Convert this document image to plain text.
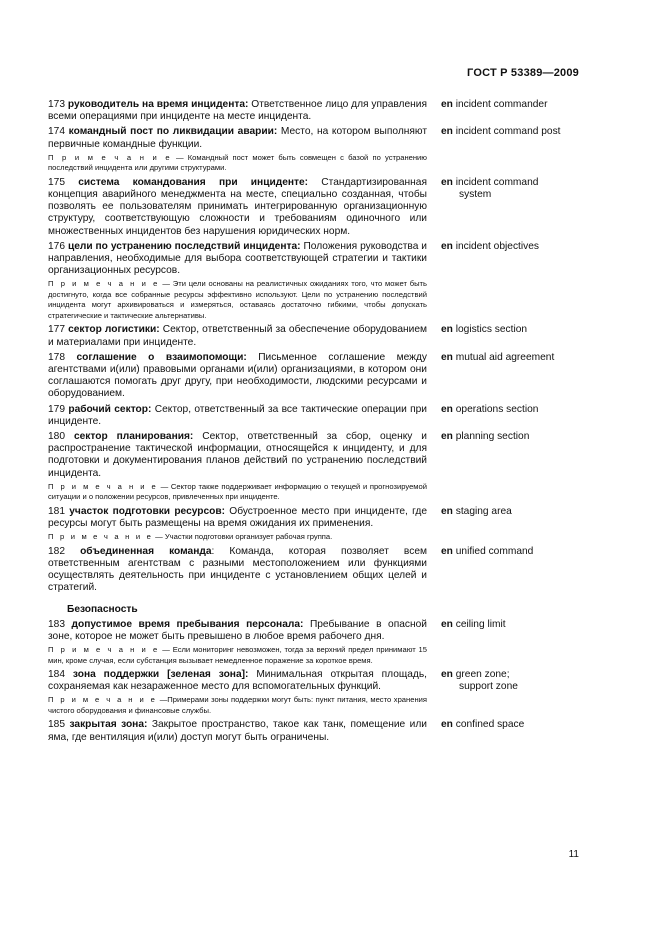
ГОСТ Р 53389—2009
173 руководитель на время инцидента: Ответственное лицо для управления всеми операциями при инциденте на месте инцидента.
en incident commander
174 командный пост по ликвидации аварии: Место, на котором выполняют первичные командные функции.
en incident command post
П р и м е ч а н и е — Командный пост может быть совмещен с базой по устранению последствий инцидента или другими структурами.
175 система командования при инциденте: Стандартизированная концепция аварийного менеджмента на месте, специально созданная, чтобы позволять ее пользователям принимать интегрированную организационную структуру, соответствующую сложности и требованиям одиночного или множественных инцидентов без нарушения юридических норм.
en incident command
system
176 цели по устранению последствий инцидента: Положения руководства и направления, необходимые для выбора соответствующей стратегии и тактики организационных ресурсов.
en incident objectives
П р и м е ч а н и е — Эти цели основаны на реалистичных ожиданиях того, что может быть достигнуто, когда все собранные ресурсы эффективно используют. Цели по устранению последствий инцидента могут архивироваться и измеряться, оставаясь достаточно гибкими, чтобы допускать стратегические и тактические альтернативы.
177 сектор логистики: Сектор, ответственный за обеспечение оборудованием и материалами при инциденте.
en logistics section
178 соглашение о взаимопомощи: Письменное соглашение между агентствами и(или) правовыми органами и(или) организациями, в котором они соглашаются помогать друг другу, при необходимости, людскими ресурсами и оборудованием.
en mutual aid agreement
179 рабочий сектор: Сектор, ответственный за все тактические операции при инциденте.
en operations section
180 сектор планирования: Сектор, ответственный за сбор, оценку и распространение тактической информации, относящейся к инциденту, и для подготовки и документирования планов действий по устранению последствий инцидента.
en planning section
П р и м е ч а н и е — Сектор также поддерживает информацию о текущей и прогнозируемой ситуации и о положении ресурсов, привлеченных при инциденте.
181 участок подготовки ресурсов: Обустроенное место при инциденте, где ресурсы могут быть размещены на время ожидания их применения.
en staging area
П р и м е ч а н и е — Участки подготовки организует рабочая группа.
182 объединенная команда: Команда, которая позволяет всем ответственным агентствам с разными местоположением или функциями осуществлять деятельность при инциденте с установлением общих целей и стратегий.
en unified command
Безопасность
183 допустимое время пребывания персонала: Пребывание в опасной зоне, которое не может быть превышено в любое время рабочего дня.
en ceiling limit
П р и м е ч а н и е — Если мониторинг невозможен, тогда за верхний предел принимают 15 мин, кроме случая, если субстанция вызывает немедленное поражение за короткое время.
184 зона поддержки [зеленая зона]: Минимальная открытая площадь, сохраняемая как незараженное место для вспомогательных функций.
en green zone;
support zone
П р и м е ч а н и е —Примерами зоны поддержки могут быть: пункт питания, место хранения чистого оборудования и финансовые службы.
185 закрытая зона: Закрытое пространство, такое как танк, помещение или яма, где вентиляция и(или) доступ могут быть ограничены.
en confined space
11
